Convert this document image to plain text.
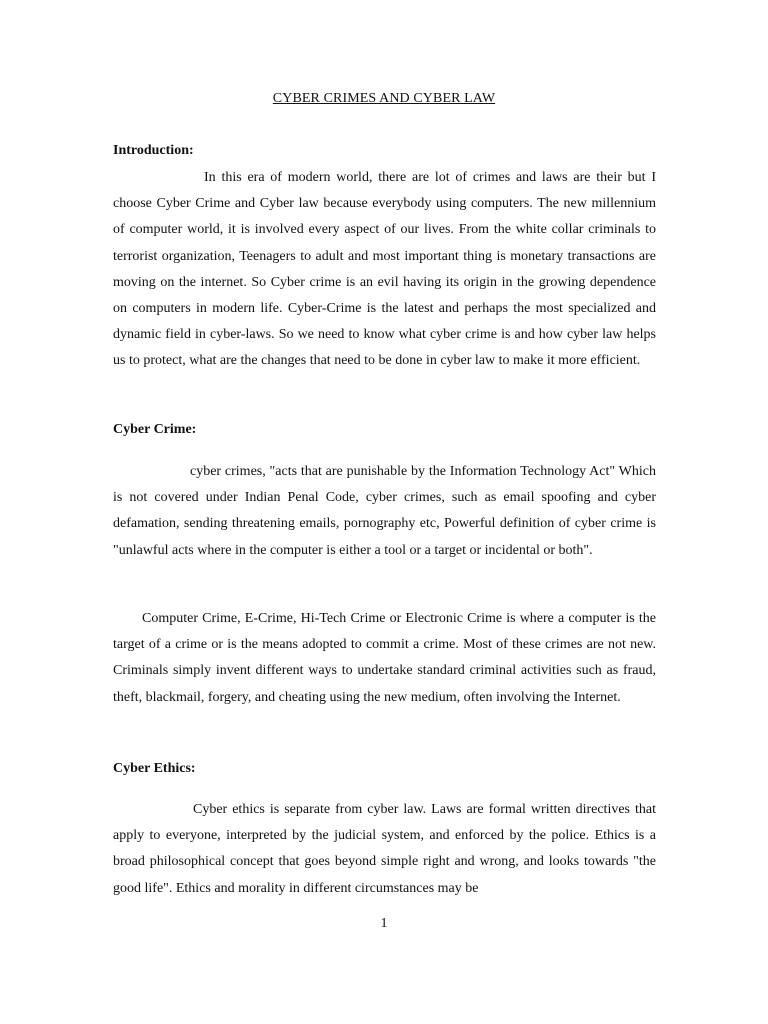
CYBER CRIMES AND CYBER LAW
Introduction:

In this era of modern world, there are lot of crimes and laws are their but I choose Cyber Crime and Cyber law because everybody using computers. The new millennium of computer world, it is involved every aspect of our lives. From the white collar criminals to terrorist organization, Teenagers to adult and most important thing is monetary transactions are moving on the internet. So Cyber crime is an evil having its origin in the growing dependence on computers in modern life. Cyber-Crime is the latest and perhaps the most specialized and dynamic field in cyber-laws. So we need to know what cyber crime is and how cyber law helps us to protect, what are the changes that need to be done in cyber law to make it more efficient.

Cyber Crime:

cyber crimes, "acts that are punishable by the Information Technology Act" Which is not covered under Indian Penal Code, cyber crimes, such as email spoofing and cyber defamation, sending threatening emails, pornography etc, Powerful definition of cyber crime is "unlawful acts where in the computer is either a tool or a target or incidental or both".

Computer Crime, E-Crime, Hi-Tech Crime or Electronic Crime is where a computer is the target of a crime or is the means adopted to commit a crime. Most of these crimes are not new. Criminals simply invent different ways to undertake standard criminal activities such as fraud, theft, blackmail, forgery, and cheating using the new medium, often involving the Internet.

Cyber Ethics:

Cyber ethics is separate from cyber law. Laws are formal written directives that apply to everyone, interpreted by the judicial system, and enforced by the police. Ethics is a broad philosophical concept that goes beyond simple right and wrong, and looks towards "the good life". Ethics and morality in different circumstances may be

1
